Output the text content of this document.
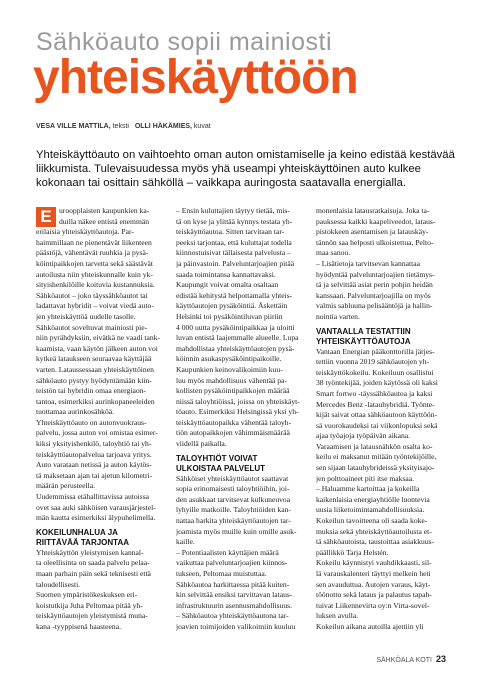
Sähköauto sopii mainiosti
yhteiskäyttöön
VESA VILLE MATTILA, teksti OLLI HÄKÄMIES, kuvat
Yhteiskäyttöauto on vaihtoehto oman auton omistamiselle ja keino edistää kestävää
liikkumista. Tulevaisuudessa myös yhä useampi yhteiskäyttöinen auto kulkee
kokonaan tai osittain sähköllä – vaikkapa auringosta saatavalla energialla.
E uroopplaisten kaupunkien ka-
duilla näkee entistä enemmän
erilaisia yhteiskäyttöautoja. Par-
haimmillaan ne pienentävät liikenteen
päästöjä, vähentävät ruuhkia ja pysä-
köintipaikkojen tarvetta sekä säästävät
autoilusta niin yhteiskunnalle kuin yk-
sityishenkilöille koituvia kustannuksia.
Sähköautot – joko täyssähköautot tai
ladattavat hybridit – voivat viedä auto-
jen yhteiskäyttöä uudelle tasolle.
Sähköautot soveltuvat mainiosti pie-
niin pyrähdyksiin, eivätkä ne vaadi tank-
kaamista, vaan käytön jälkeen auton voi
kytkeä lataukseen seuraavaa käyttäjää
varten. Lataussessaan yhteiskäyttöinen
sähköauto pystyy hyödyntämään kiin-
teistön tai hybridin omaa energiaon-
tantoa, esimerkiksi aurinkopaneeleiden
tuottamaa aurinkosähköä.
Yhteiskäyttöauto on autonvuokraus-
palvelu, jossa auton voi omistaa esimer-
kiksi yksityishenkilö, taloyhtiö tai yh-
teiskäyttöautopalvelua tarjoava yritys.
Auto varataan netissä ja auton käytös-
tä maksetaan ajan tai ajetun kilometri-
määrän perusteella.
Uudemmissa etähallittavissa autoissa
ovet saa auki sähköisen varausjärjestel-
män kautta esimerkiksi älypuhelimella.
KOKEILUNHALUA JA
RIITTÄVÄÄ TARJONTAA
Yhteiskäyttön yleistymisen kannal-
ta oleellisinta on saada palvelu pelaa-
maan parhain päin sekä teknisesti että
taloudellisesti.
Suomen ympäristökeskuksen eri-
koistutkija Juha Peltomaa pitää yh-
teiskäyttöautojen yleistymistä muna-
kana -tyyppisenä haasteena.
– Ensin kuluttajien täytyy tietää, mis-
tä on kyse ja ylittää kynnys testata yh-
teiskäyttöautoa. Sitten tarvitaan tar-
peeksi tarjontaa, että kuluttajat todella
kiinnostuisivat tällaisesta palvelusta –
ja päinvastoin. Palveluntarjoajien pitää
saada toimintansa kannattavaksi.
Kaupungit voivat omalta osaltaan
edistää kehitystä helpottamalla yhteis-
käyttöautojen pysäköintiä. Äskettäin
Helsinki toi pysäköintiluvan piiriin
4 000 uutta pysäköintipaikkaa ja uloitti
luvan entistä laajemmalle alueelle. Lupa
mahdollistaa yhteiskäyttöautojen pysä-
köinnin asukaspysäköintipaikoille.
Kaupunkien keinovalikoimiin kuu-
luu myös mahdollisuus vähentää pa-
kollisten pysäköintipaikkojen määrää
niissä taloyhtiöissä, joissa on yhteiskäyt-
töauto. Esimerkiksi Helsingissä yksi yh-
teiskäyttöautopaikka vähentää taloyh-
tiön autopaikkojen vähimmäismäärää
viidellä paikalla.
TALOYHTIÖT VOIVAT
ULKOISTAA PALVELUT
Sähköiset yhteiskäyttöautot saattavat
sopia erinomaisesti taloyhtiöihin, joi-
den asukkaat tarvitsevat kulkuneuvoa
lyhyille matkoille. Taloyhtiöiden kan-
nattaa harkita yhteiskäyttöautojen tar-
joamista myös muille kuin omille asuk-
kaille.
– Potentiaalisten käyttäjien määrä
vaikuttaa palveluntarjoajien kiinnos-
tukseen, Peltomaa muistuttaa.
Sähköautoa harkittaessa pitää kuiten-
kin selvittää ensiksi tarvittavan lataus-
infrastruktuurin asennusmahdollisuus.
– Sähköautoa yhteiskäyttöautona tar-
joavien toimijoiden valikoimiin kuuluu
monenlaisia latausratkaisuja. Joka ta-
pauksessa kaikki kaapeliveedot, lataus-
pistokkeen asentamisen ja latauskäy-
tännön saa helposti ulkoistettua, Pelto-
maa sanoo.
– Lisätietoja tarvitsevan kannattaa
hyödyntää palveluntarjoajien tietämys-
tä ja selvittää asiat perin pohjin heidän
kanssaan. Palveluntarjoajilla on myös
valmis sabluuna pelisääntöjä ja hallin-
nointia varten.
VANTAALLA TESTATTIIN
YHTEISKÄYTTÖAUTOJA
Vantaan Energian pääkonttorilla järjes-
tettiin vuonna 2019 sähköautojen yh-
teiskäyttökokeilu. Kokeiluun osallistui
38 työntekijää, joiden käytössä oli kaksi
Smart fortwo -täyssähköautoa ja kaksi
Mercedes Benz -latauhybridiä. Työnte-
kijät saivat ottaa sähköautoon käyttöön-
sä vuorokaudeksi tai viikonlopuksi sekä
ajaa työajoja työpäivän aikana.
Varaamisen ja latausnähkön osalta ko-
keilu ei maksanut mitään työntekijöille,
sen sijaan latauhybrideissä yksityisajo-
jen polttoaineet piti itse maksaa.
– Haluamme kartoittaa ja kokeilla
kaikenlaisia energiayhtiölle luontevia
uusia liiketoimintamahdollisuuksia.
Kokeilun tavoitteena oli saada koke-
muksia sekä yhteiskäyttöautoilusta et-
tä sähköautoista, taustoittaa asiakkuus-
päällikkö Tarja Helstén.
Kokeilu käynnistyi vauhdikkaasti, sil-
lä varauskalenteri täyttyi melkein heti
sen avauduttua. Autojen varaus, käyt-
töönotto sekä lataus ja palautus tapah-
tuivat Liikennevirta oy:n Virta-sovel-
luksen avulla.
Kokeilun aikana autoilla ajettiin yli
SÄHKÖALA KOTI 23
